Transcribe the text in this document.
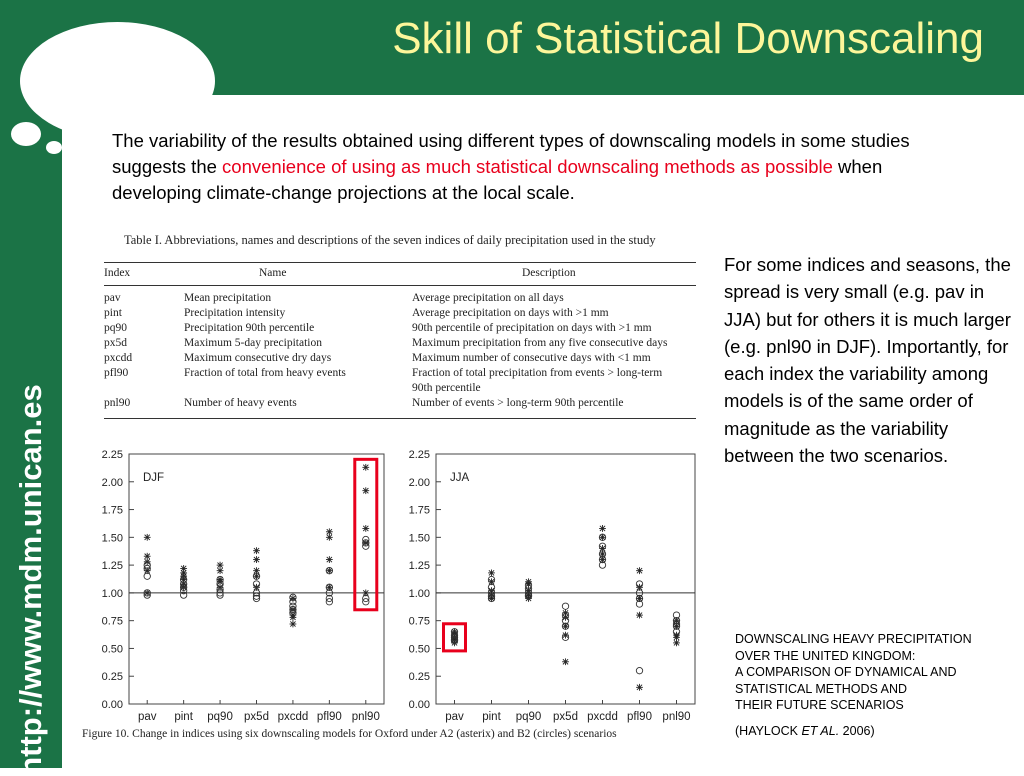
Skill of Statistical Downscaling
http://www.mdm.unican.es
The variability of the results obtained using different types of downscaling models in some studies suggests the convenience of using as much statistical downscaling methods as possible when developing climate-change projections at the local scale.
Table I. Abbreviations, names and descriptions of the seven indices of daily precipitation used in the study
Index	Name	Description
pav	Mean precipitation	Average precipitation on all days
pint	Precipitation intensity	Average precipitation on days with >1 mm
pq90	Precipitation 90th percentile	90th percentile of precipitation on days with >1 mm
px5d	Maximum 5-day precipitation	Maximum precipitation from any five consecutive days
pxcdd	Maximum consecutive dry days	Maximum number of consecutive days with <1 mm
pfl90	Fraction of total from heavy events	Fraction of total precipitation from events > long-term
90th percentile
pnl90	Number of heavy events	Number of events > long-term 90th percentile
0.00
0.25
0.50
0.75
1.00
1.25
1.50
1.75
2.00
2.25
pav pint pq90 px5d pxcdd pfl90 pnl90
DJF
0.00
0.25
0.50
0.75
1.00
1.25
1.50
1.75
2.00
2.25
pav pint pq90 px5d pxcdd pfl90 pnl90
JJA
Figure 10. Change in indices using six downscaling models for Oxford under A2 (asterix) and B2 (circles) scenarios
For some indices and seasons, the spread is very small (e.g. pav in JJA) but for others it is much larger (e.g. pnl90 in DJF). Importantly, for each index the variability among models is of the same order of magnitude as the variability between the two scenarios.
DOWNSCALING HEAVY PRECIPITATION
OVER THE UNITED KINGDOM:
A COMPARISON OF DYNAMICAL AND
STATISTICAL METHODS AND
THEIR FUTURE SCENARIOS
(HAYLOCK ET AL. 2006)
